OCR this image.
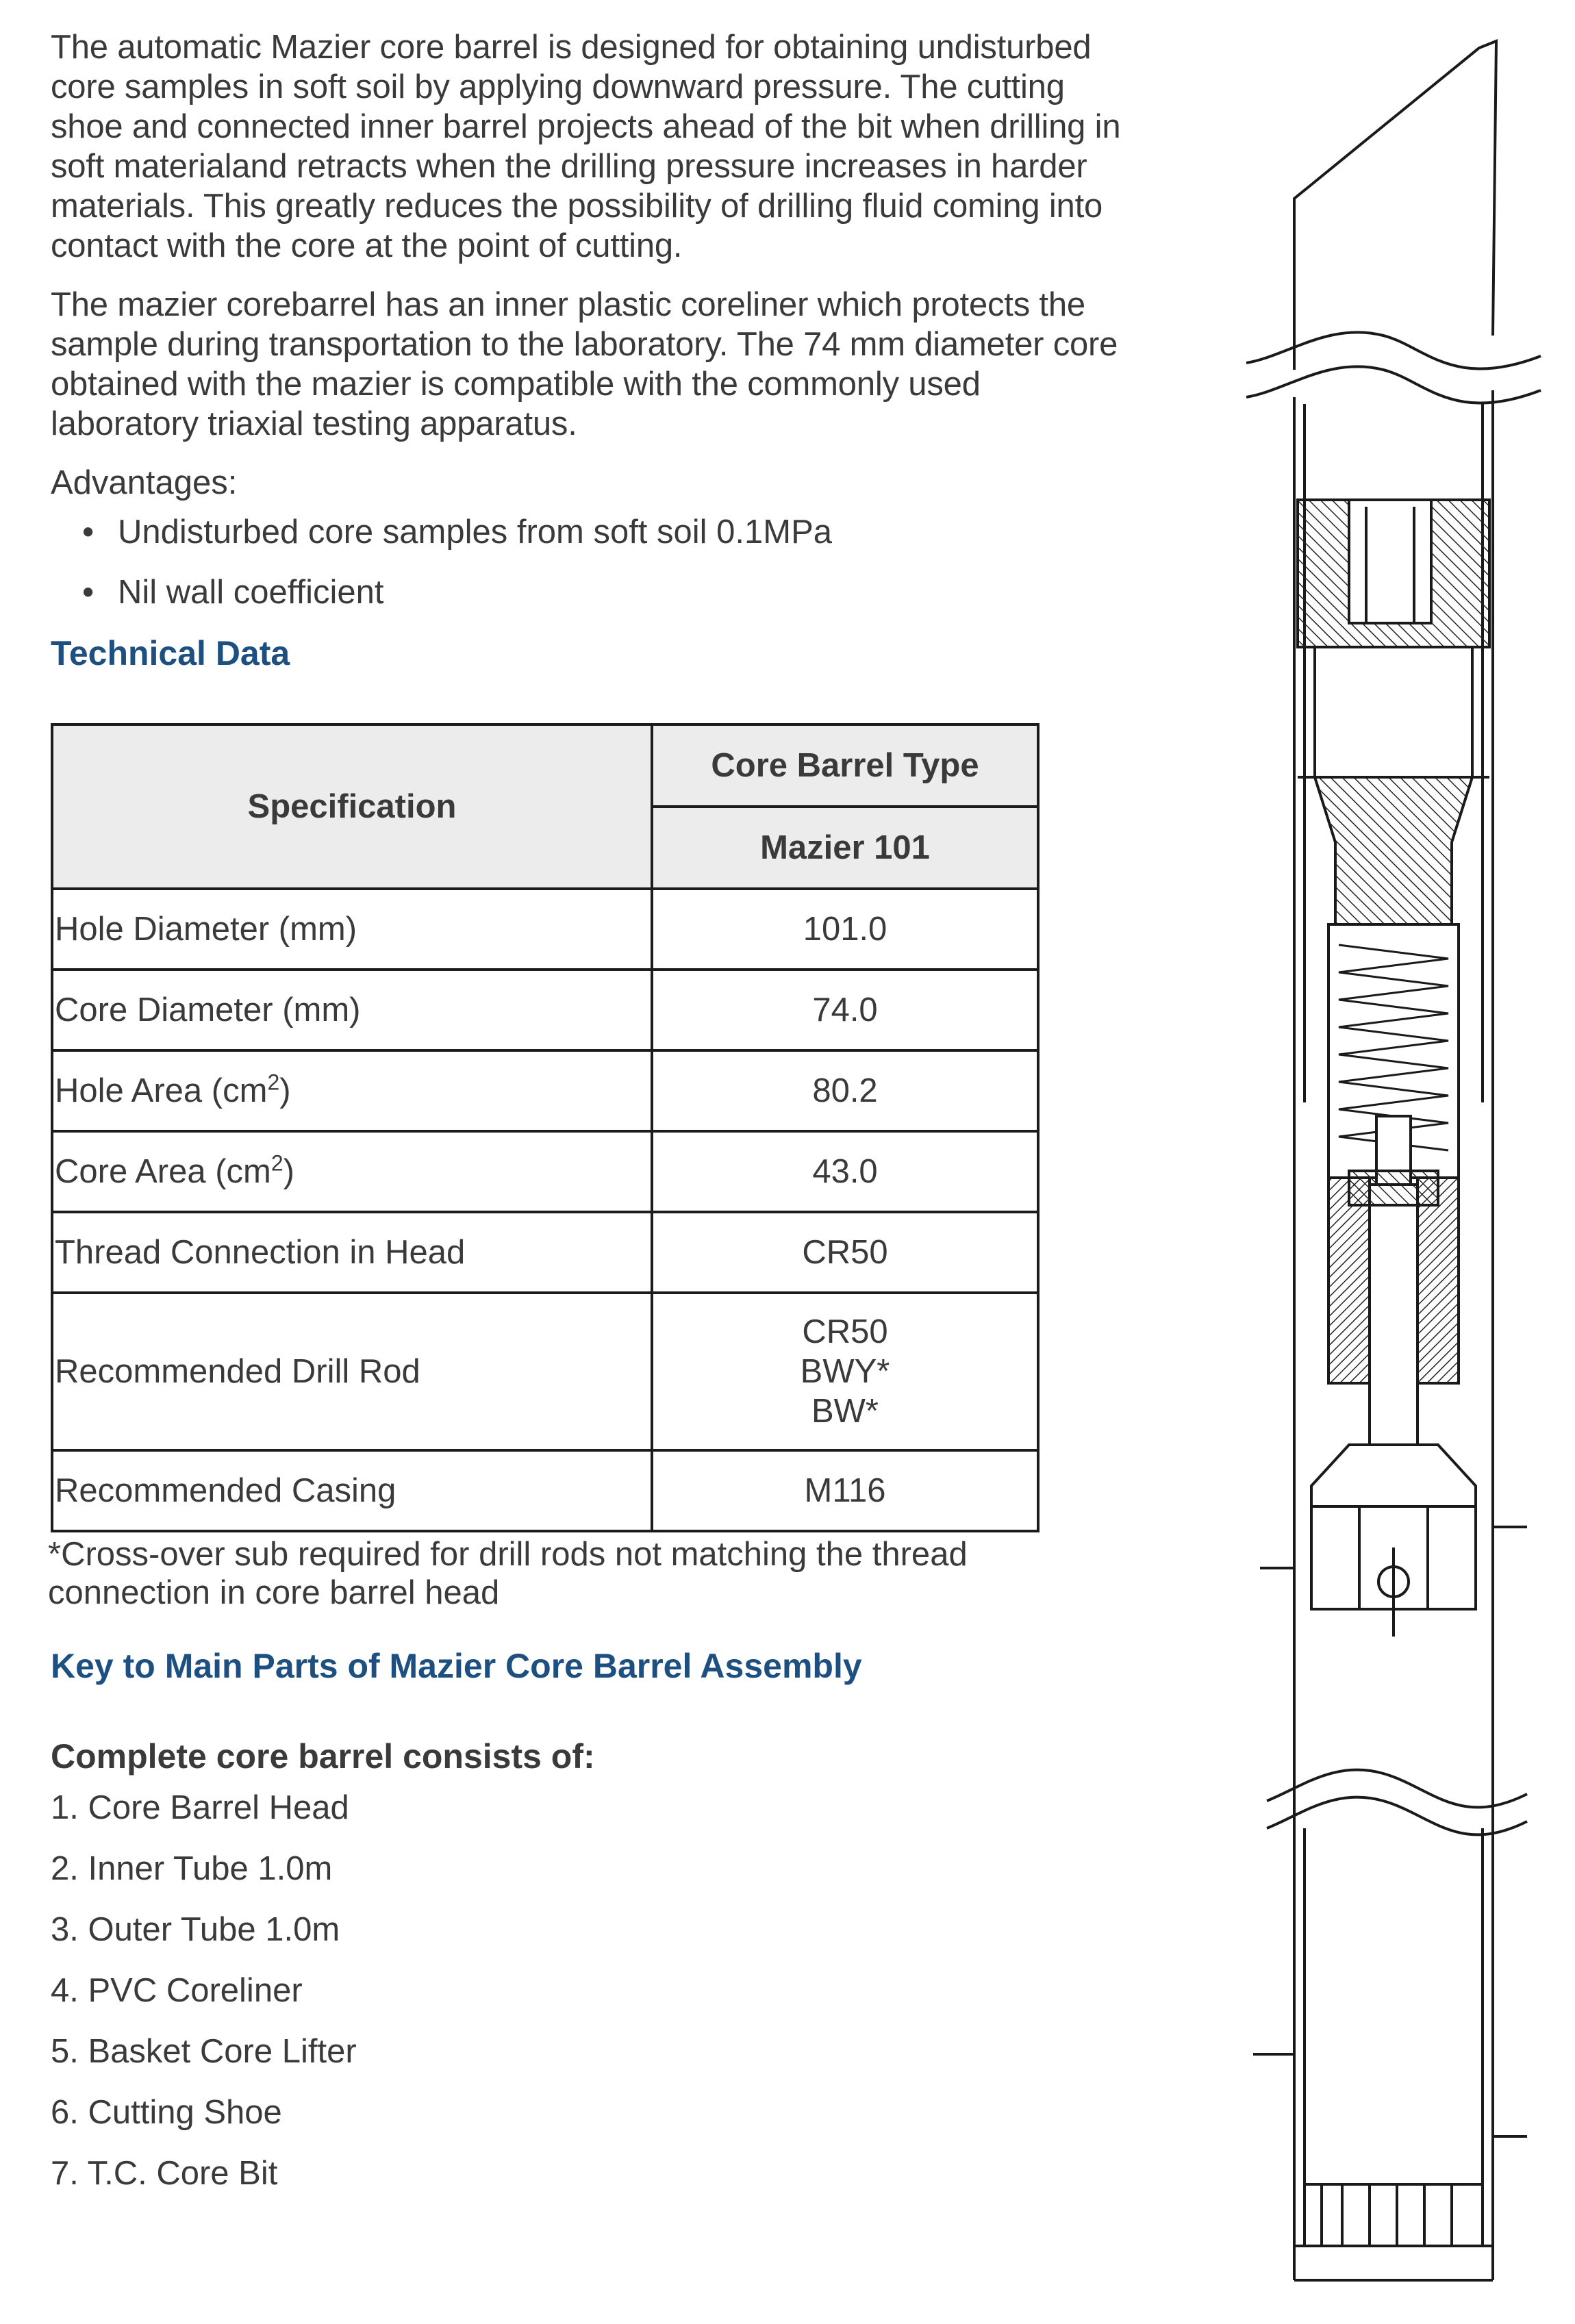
The automatic Mazier core barrel is designed for obtaining undisturbed core samples in soft soil by applying downward pressure. The cutting shoe and connected inner barrel projects ahead of the bit when drilling in soft materialand retracts when the drilling pressure increases in harder materials. This greatly reduces the possibility of drilling fluid coming into contact with the core at the point of cutting.

The mazier corebarrel has an inner plastic coreliner which protects the sample during transportation to the laboratory. The 74 mm diameter core obtained with the mazier is compatible with the commonly used laboratory triaxial testing apparatus.

Advantages:

• Undisturbed core samples from soft soil 0.1MPa
• Nil wall coefficient

Technical Data

Specification	Core Barrel Type
	Mazier 101
Hole Diameter (mm)	101.0
Core Diameter (mm)	74.0
Hole Area $(cm^2)$	80.2
Core Area $(cm^2)$	43.0
Thread Connection in Head	CR50
Recommended Drill Rod	CR50
BWY*
BW*

Recommended Casing	M116

*Cross-over sub required for drill rods not matching the thread connection in core barrel head

Key to Main Parts of Mazier Core Barrel Assembly

Complete core barrel consists of:

1. Core Barrel Head
2. Inner Tube 1.0m
3. Outer Tube 1.0m
4. PVC Coreliner
5. Basket Core Lifter
6. Cutting Shoe
7. T.C. Core Bit
